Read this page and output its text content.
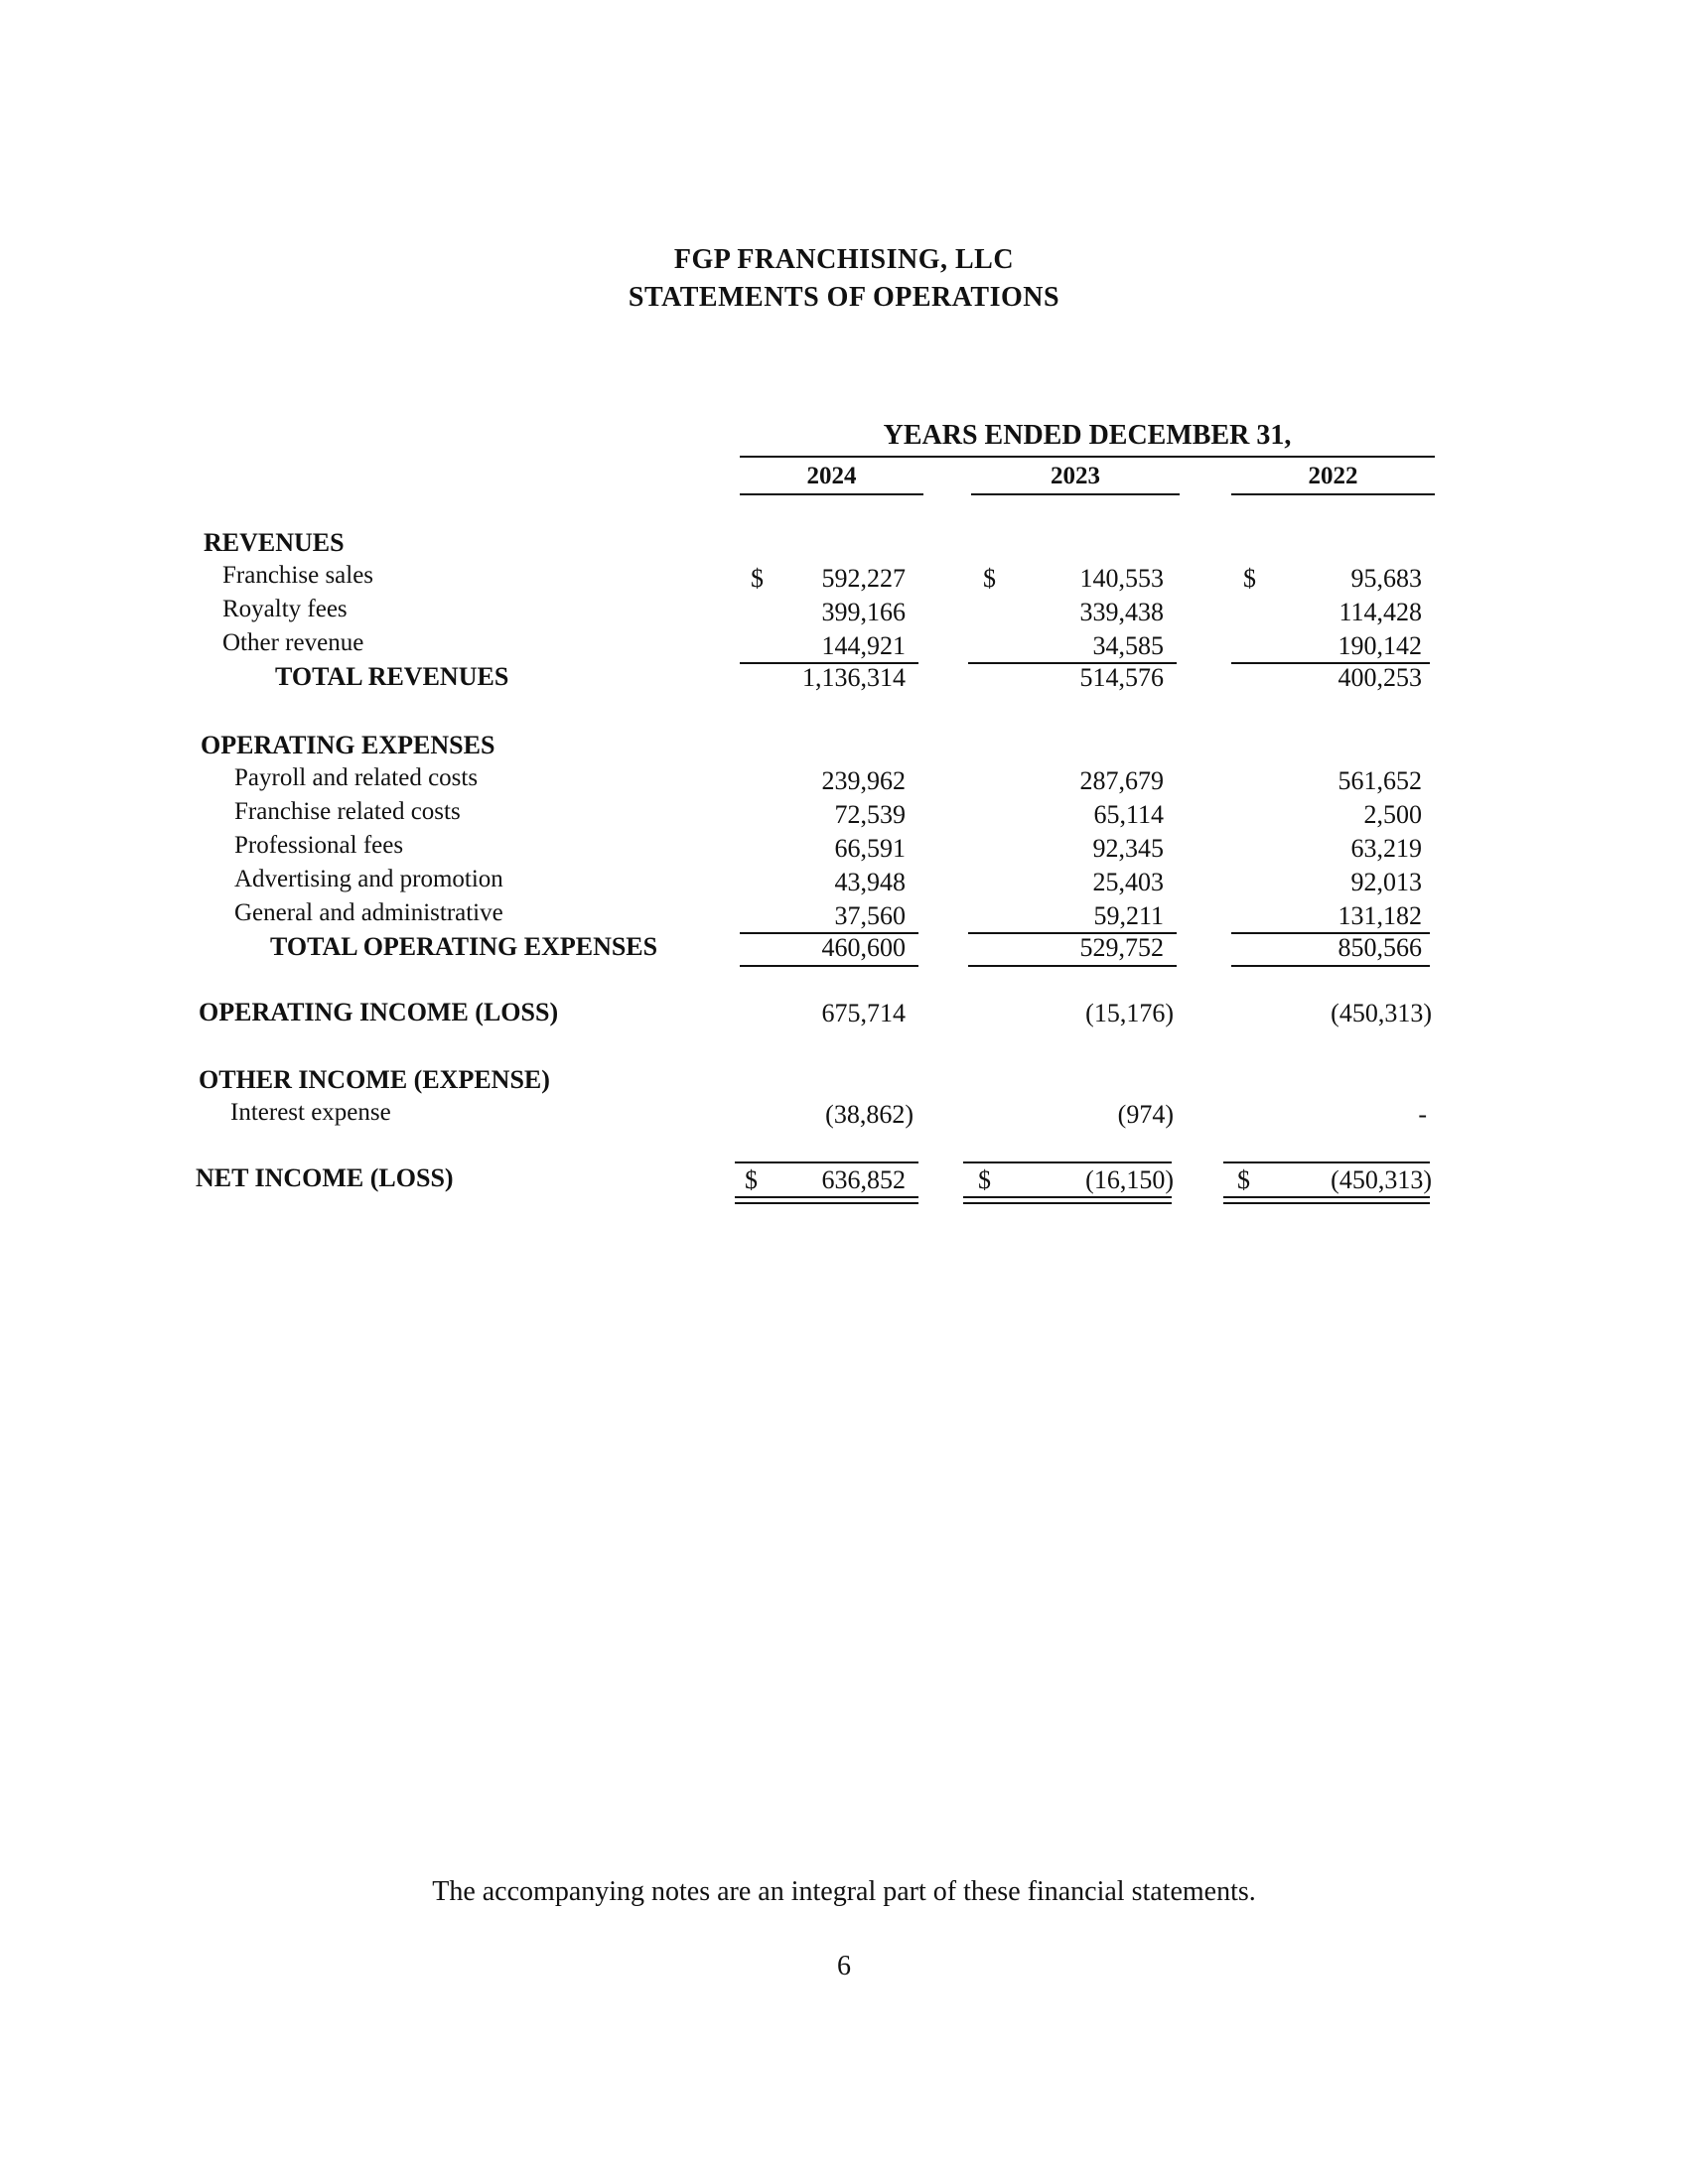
FGP FRANCHISING, LLC
STATEMENTS OF OPERATIONS
YEARS ENDED DECEMBER 31,
2024	2023	2022
REVENUES
Franchise sales	$	592,227	$	140,553	$	95,683
Royalty fees	399,166	339,438	114,428
Other revenue	144,921	34,585	190,142
TOTAL REVENUES	1,136,314	514,576	400,253
OPERATING EXPENSES
Payroll and related costs	239,962	287,679	561,652
Franchise related costs	72,539	65,114	2,500
Professional fees	66,591	92,345	63,219
Advertising and promotion	43,948	25,403	92,013
General and administrative	37,560	59,211	131,182
TOTAL OPERATING EXPENSES	460,600	529,752	850,566
OPERATING INCOME (LOSS)	675,714	(15,176)	(450,313)
OTHER INCOME (EXPENSE)
Interest expense	(38,862)	(974)	-
NET INCOME (LOSS)	$	636,852	$	(16,150) $	(450,313)
The accompanying notes are an integral part of these financial statements.
6
